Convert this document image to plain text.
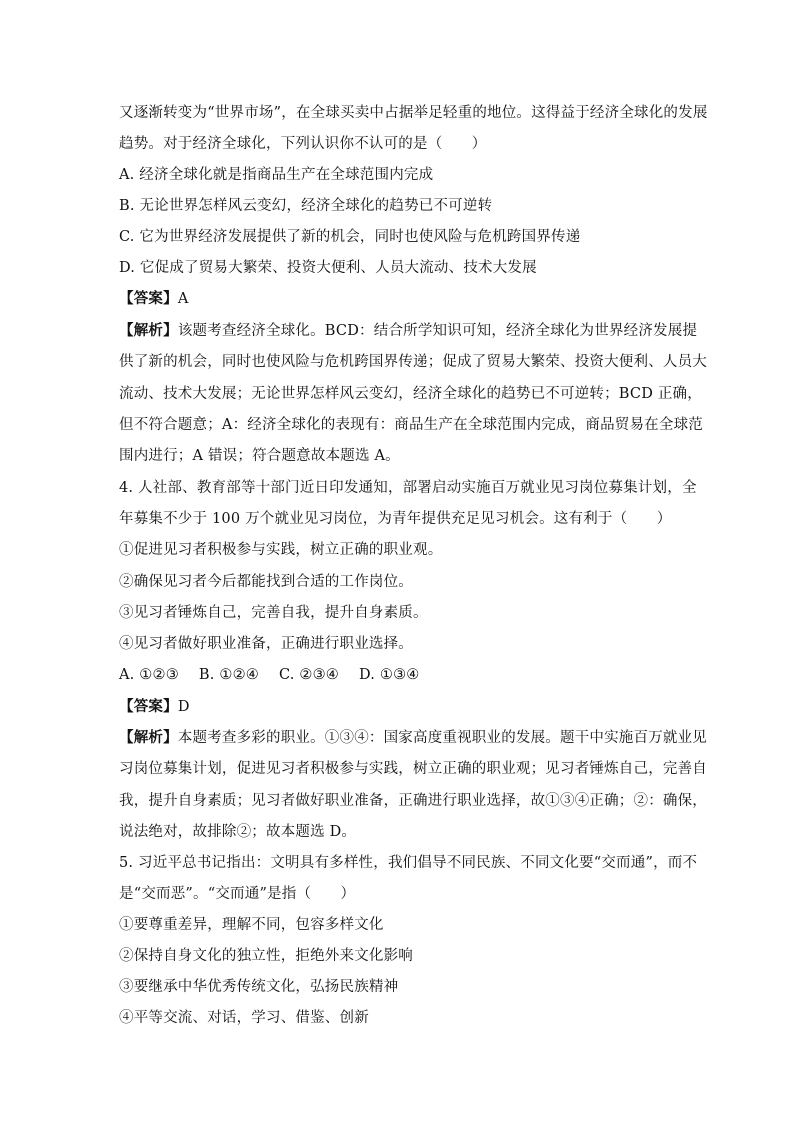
又逐渐转变为“世界市场”，在全球买卖中占据举足轻重的地位。这得益于经济全球化的发展
趋势。对于经济全球化，下列认识你不认可的是（　　）
A. 经济全球化就是指商品生产在全球范围内完成
B. 无论世界怎样风云变幻，经济全球化的趋势已不可逆转
C. 它为世界经济发展提供了新的机会，同时也使风险与危机跨国界传递
D. 它促成了贸易大繁荣、投资大便利、人员大流动、技术大发展
【答案】A
【解析】该题考查经济全球化。BCD：结合所学知识可知，经济全球化为世界经济发展提
供了新的机会，同时也使风险与危机跨国界传递；促成了贸易大繁荣、投资大便利、人员大
流动、技术大发展；无论世界怎样风云变幻，经济全球化的趋势已不可逆转；BCD 正确，
但不符合题意；A：经济全球化的表现有：商品生产在全球范围内完成，商品贸易在全球范
围内进行；A 错误；符合题意故本题选 A。
4. 人社部、教育部等十部门近日印发通知，部署启动实施百万就业见习岗位募集计划，全
年募集不少于 100 万个就业见习岗位，为青年提供充足见习机会。这有利于（　　）
①促进见习者积极参与实践，树立正确的职业观。
②确保见习者今后都能找到合适的工作岗位。
③见习者锤炼自己，完善自我，提升自身素质。
④见习者做好职业准备，正确进行职业选择。
A. ①②③ B. ①②④ C. ②③④ D. ①③④
【答案】D
【解析】本题考查多彩的职业。①③④：国家高度重视职业的发展。题干中实施百万就业见
习岗位募集计划，促进见习者积极参与实践，树立正确的职业观；见习者锤炼自己，完善自
我，提升自身素质；见习者做好职业准备，正确进行职业选择，故①③④正确；②：确保，
说法绝对，故排除②；故本题选 D。
5. 习近平总书记指出：文明具有多样性，我们倡导不同民族、不同文化要“交而通”，而不
是“交而恶”。“交而通”是指（　　）
①要尊重差异，理解不同，包容多样文化
②保持自身文化的独立性，拒绝外来文化影响
③要继承中华优秀传统文化，弘扬民族精神
④平等交流、对话，学习、借鉴、创新
